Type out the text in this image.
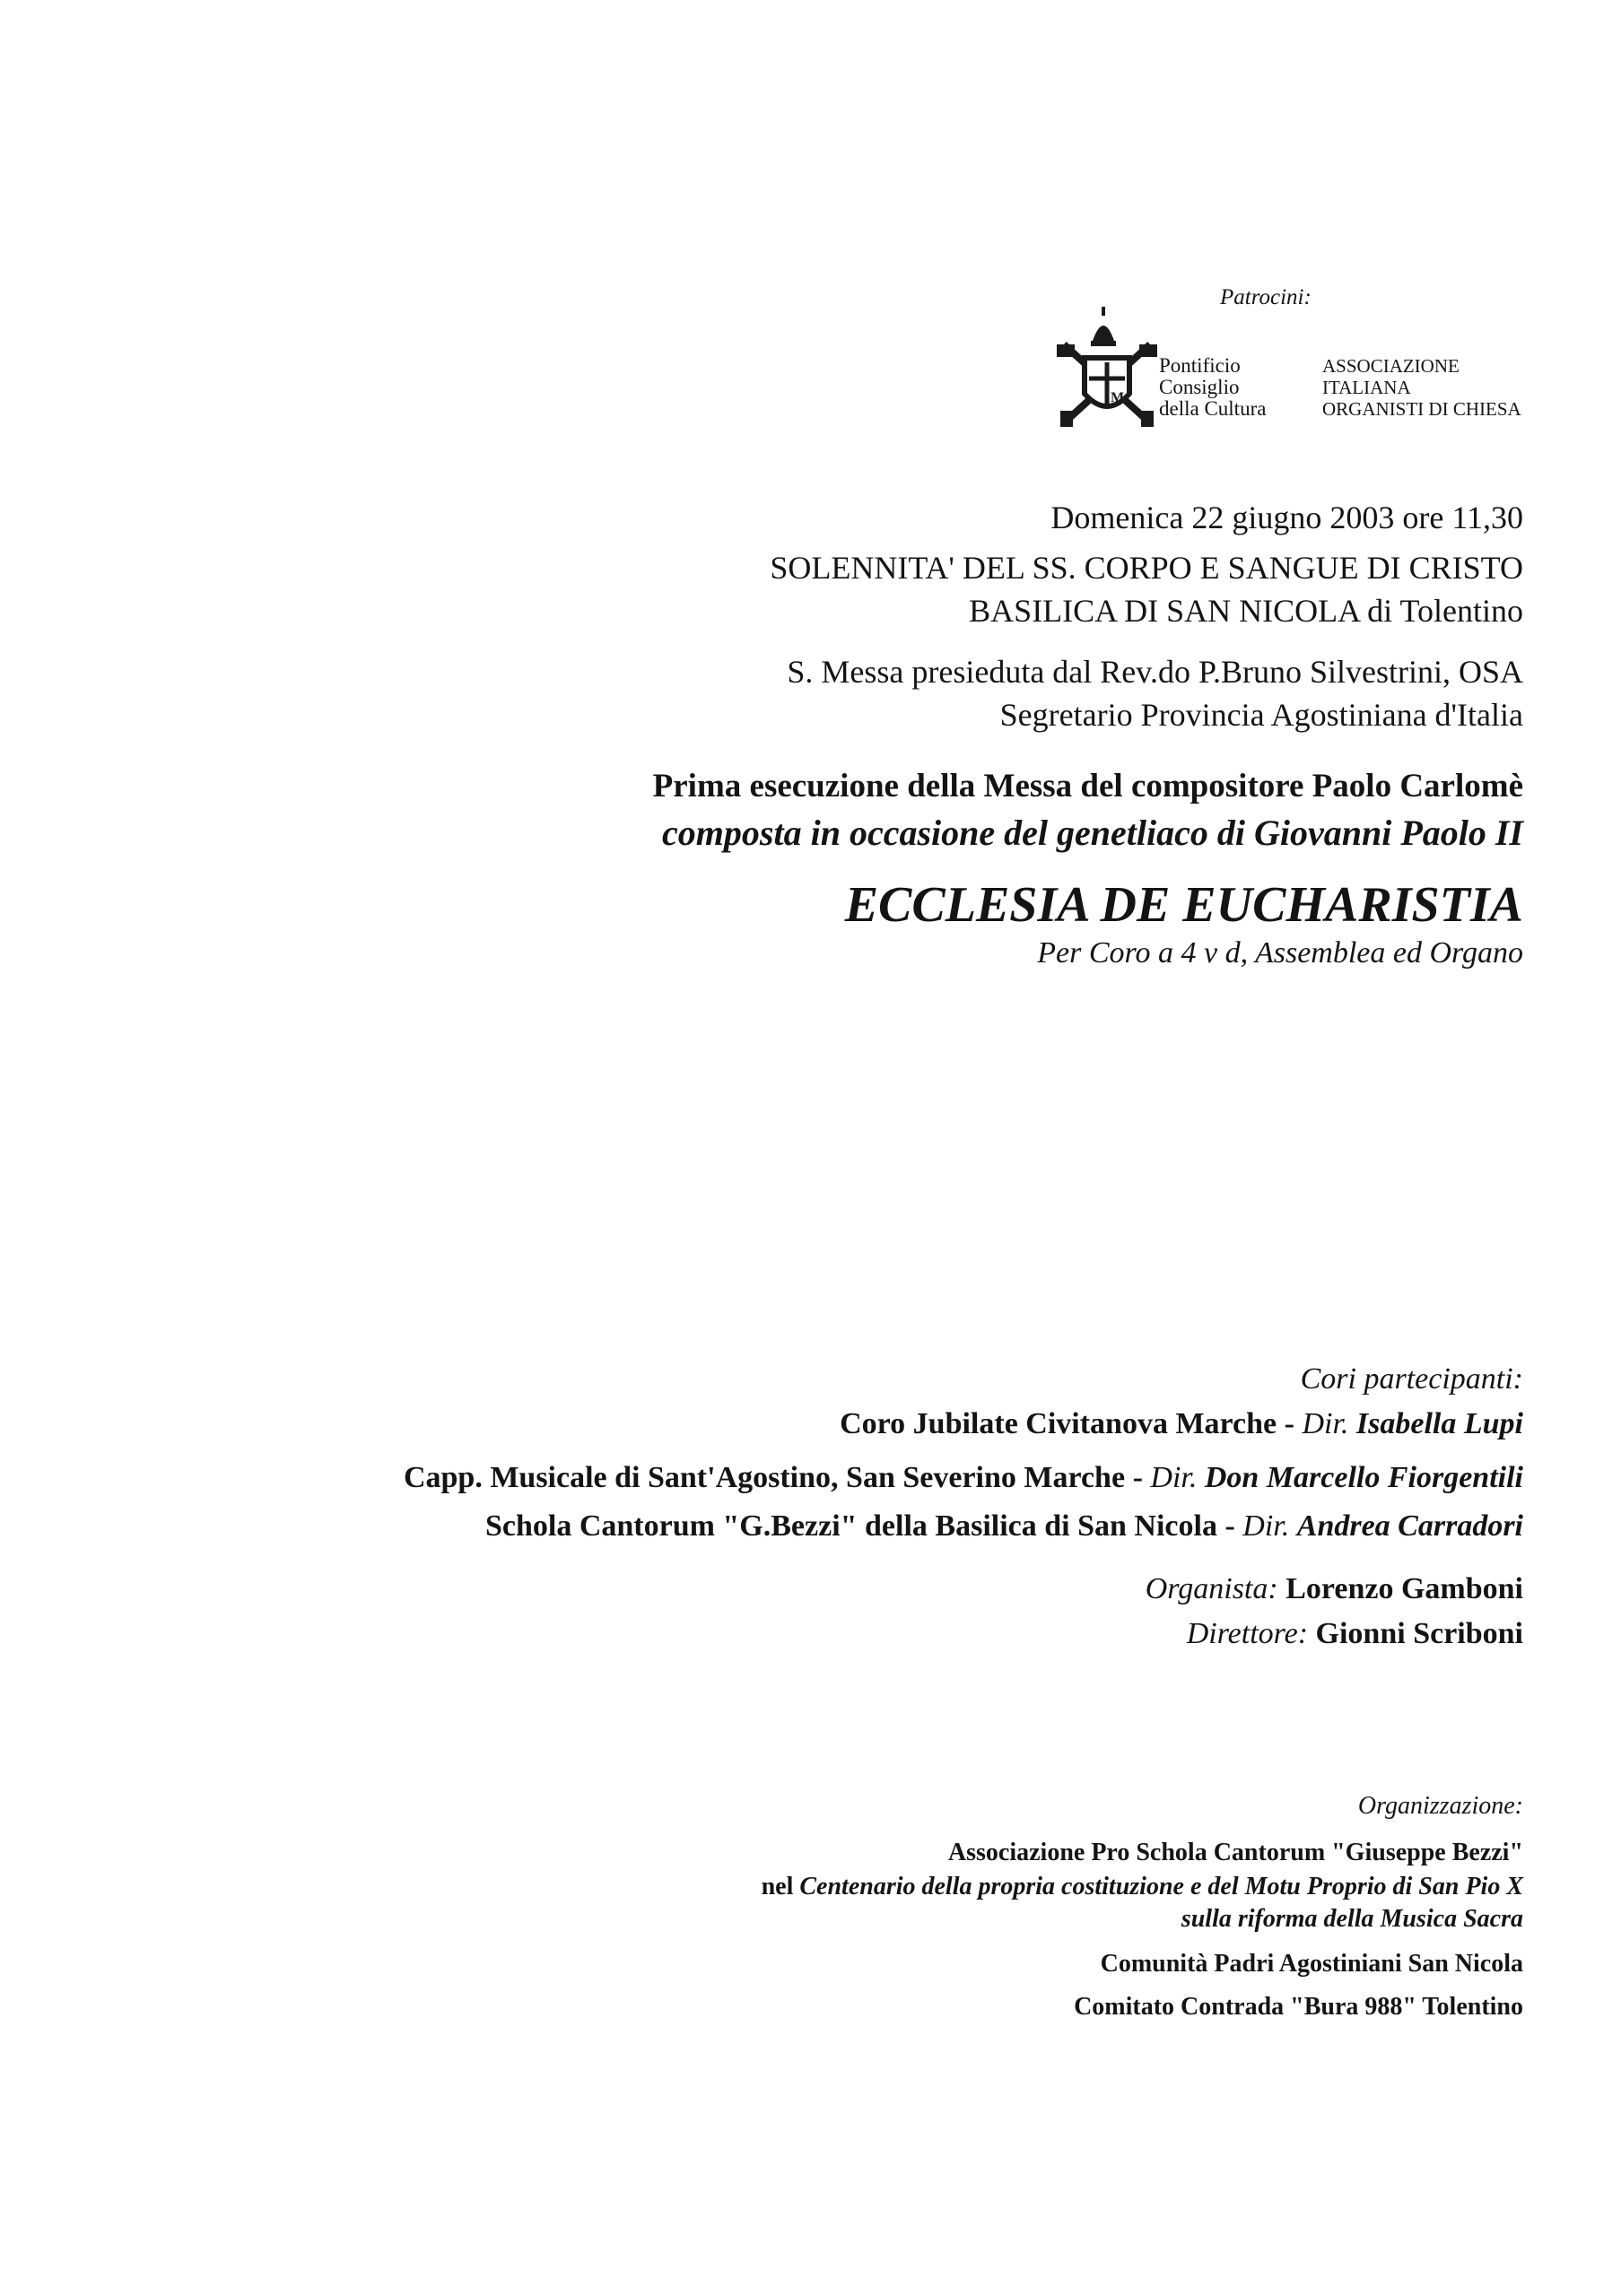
Patrocini:
M
Pontificio
Consiglio
della Cultura
ASSOCIAZIONE
ITALIANA
ORGANISTI DI CHIESA
Domenica 22 giugno 2003 ore 11,30
SOLENNITA' DEL SS. CORPO E SANGUE DI CRISTO
BASILICA DI SAN NICOLA di Tolentino
S. Messa presieduta dal Rev.do P.Bruno Silvestrini, OSA
Segretario Provincia Agostiniana d'Italia
Prima esecuzione della Messa del compositore Paolo Carlomè
composta in occasione del genetliaco di Giovanni Paolo II
ECCLESIA DE EUCHARISTIA
Per Coro a 4 v d, Assemblea ed Organo
Cori partecipanti:
Coro Jubilate Civitanova Marche - Dir. Isabella Lupi
Capp. Musicale di Sant'Agostino, San Severino Marche - Dir. Don Marcello Fiorgentili
Schola Cantorum "G.Bezzi" della Basilica di San Nicola - Dir. Andrea Carradori
Organista: Lorenzo Gamboni
Direttore: Gionni Scriboni
Organizzazione:
Associazione Pro Schola Cantorum "Giuseppe Bezzi"
nel Centenario della propria costituzione e del Motu Proprio di San Pio X
sulla riforma della Musica Sacra
Comunità Padri Agostiniani San Nicola
Comitato Contrada "Bura 988" Tolentino
